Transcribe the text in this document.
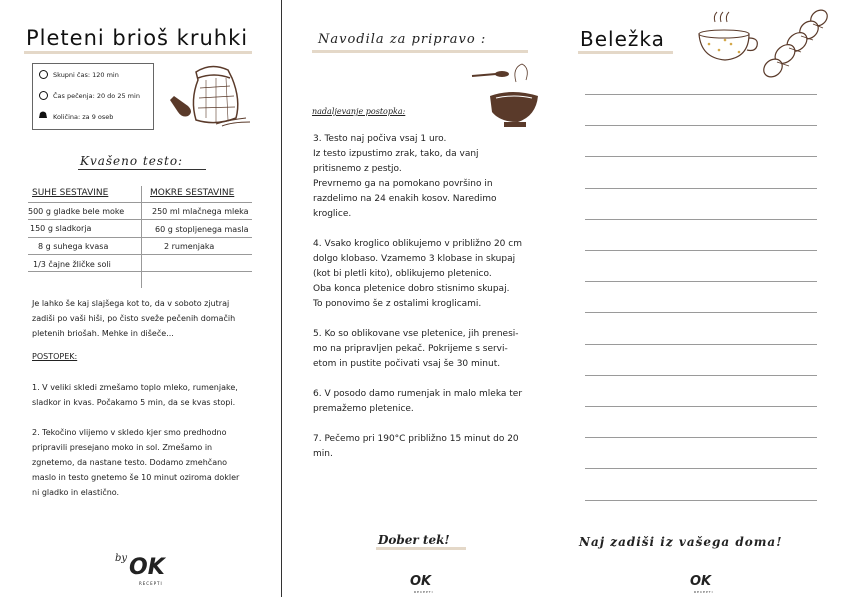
Pleteni brioš kruhki
Skupni čas: 120 min
Čas pečenja: 20 do 25 min
Količina: za 9 oseb
Kvašeno testo:
SUHE SESTAVINE	MOKRE SESTAVINE
500 g gladke bele moke
150 g sladkorja
8 g suhega kvasa
1/3 čajne žličke soli
250 ml mlačnega mleka
60 g stopljenega masla
2 rumenjaka

Je lahko še kaj slajšega kot to, da v soboto zjutraj
zadiši po vaši hiši, po čisto sveže pečenih domačih
pletenih briošah. Mehke in dišeče...

POSTOPEK:

1. V veliki skledi zmešamo toplo mleko, rumenjake,
sladkor in kvas. Počakamo 5 min, da se kvas stopi.

2. Tekočino vlijemo v skledo kjer smo predhodno
pripravili presejano moko in sol. Zmešamo in
zgnetemo, da nastane testo. Dodamo zmehčano
maslo in testo gnetemo še 10 minut oziroma dokler
ni gladko in elastično.

by OK
RECEPTI
Navodila za pripravo :
nadaljevanje postopka:

3. Testo naj počiva vsaj 1 uro.
Iz testo izpustimo zrak, tako, da vanj
pritisnemo z pestjo.
Prevrnemo ga na pomokano površino in
razdelimo na 24 enakih kosov. Naredimo
kroglice.

4. Vsako kroglico oblikujemo v približno 20 cm
dolgo klobaso. Vzamemo 3 klobase in skupaj
(kot bi pletli kito), oblikujemo pletenico.
Oba konca pletenice dobro stisnimo skupaj.
To ponovimo še z ostalimi kroglicami.

5. Ko so oblikovane vse pletenice, jih prenesi-
mo na pripravljen pekač. Pokrijeme s servi-
etom in pustite počivati vsaj še 30 minut.

6. V posodo damo rumenjak in malo mleka ter
premažemo pletenice.

7. Pečemo pri 190°C približno 15 minut do 20
min.

Dober tek!
OK
RECEPTI
Beležka
Naj zadiši iz vašega doma!
OK
RECEPTI
